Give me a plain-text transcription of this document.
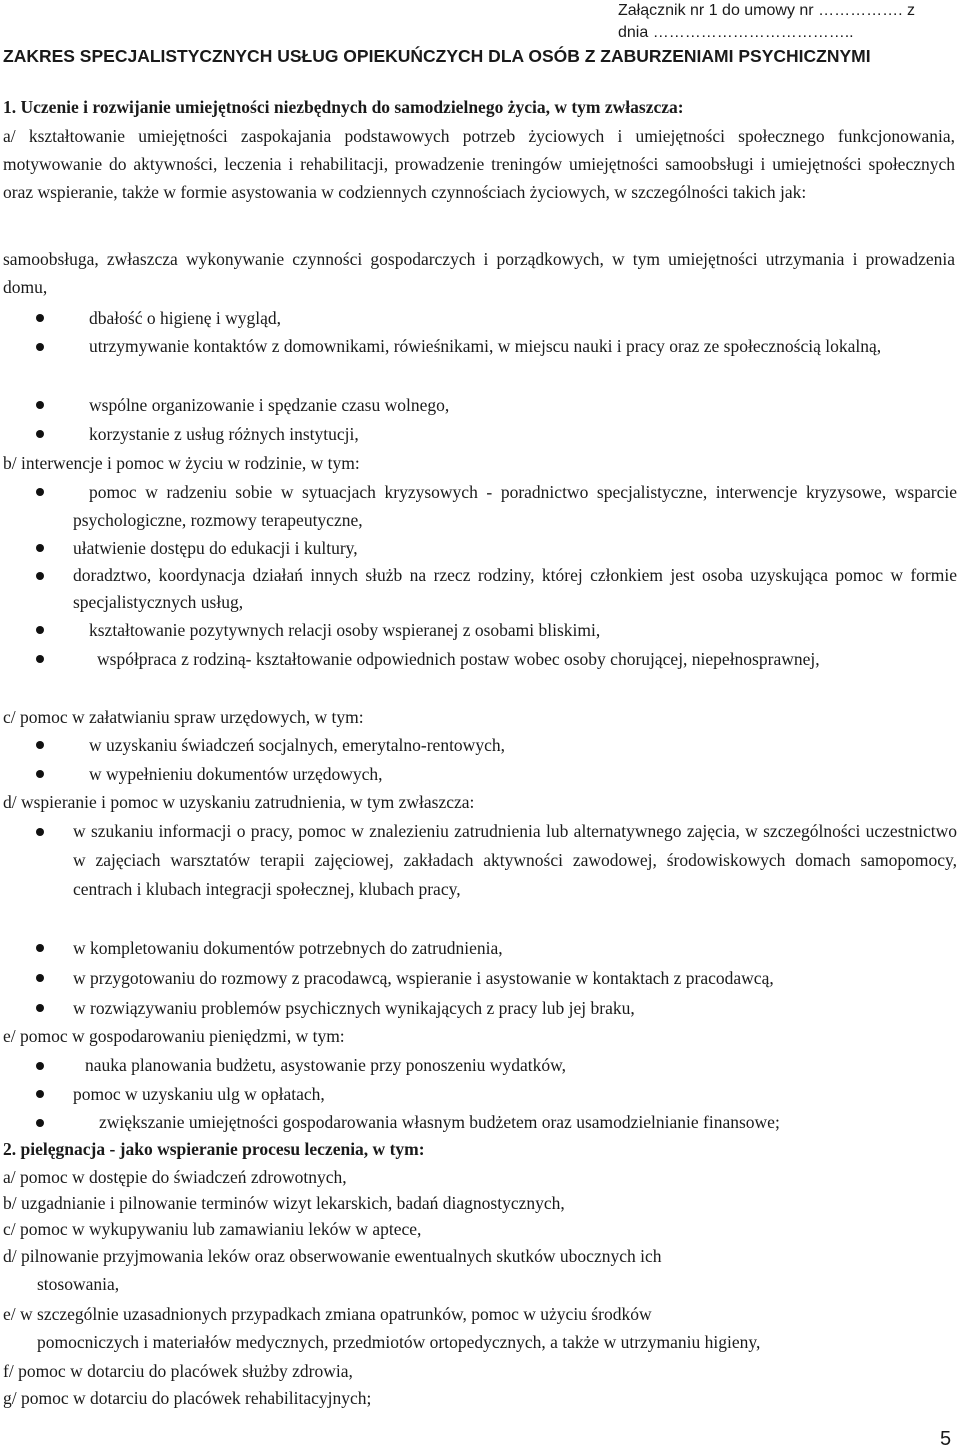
Załącznik nr 1 do umowy nr ……………. z
dnia ………………………………..
ZAKRES SPECJALISTYCZNYCH USŁUG OPIEKUŃCZYCH DLA OSÓB Z ZABURZENIAMI PSYCHICZNYMI
1. Uczenie i rozwijanie umiejętności niezbędnych do samodzielnego życia, w tym zwłaszcza:
a/ kształtowanie umiejętności zaspokajania podstawowych potrzeb życiowych i umiejętności społecznego funkcjonowania, motywowanie do aktywności, leczenia i rehabilitacji, prowadzenie treningów umiejętności samoobsługi i umiejętności społecznych oraz wspieranie, także w formie asystowania w codziennych czynnościach życiowych, w szczególności takich jak:
samoobsługa, zwłaszcza wykonywanie czynności gospodarczych i porządkowych, w tym umiejętności utrzymania i prowadzenia domu,
dbałość o higienę i wygląd,
utrzymywanie kontaktów z domownikami, rówieśnikami, w miejscu nauki i pracy oraz ze społecznością lokalną,
wspólne organizowanie i spędzanie czasu wolnego,
korzystanie z usług różnych instytucji,
b/ interwencje i pomoc w życiu w rodzinie, w tym:
pomoc w radzeniu sobie w sytuacjach kryzysowych - poradnictwo specjalistyczne, interwencje kryzysowe, wsparcie psychologiczne, rozmowy terapeutyczne,
ułatwienie dostępu do edukacji i kultury,
doradztwo, koordynacja działań innych służb na rzecz rodziny, której członkiem jest osoba uzyskująca pomoc w formie specjalistycznych usług,
kształtowanie pozytywnych relacji osoby wspieranej z osobami bliskimi,
współpraca z rodziną- kształtowanie odpowiednich postaw wobec osoby chorującej, niepełnosprawnej,
c/ pomoc w załatwianiu spraw urzędowych, w tym:
w uzyskaniu świadczeń socjalnych, emerytalno-rentowych,
w wypełnieniu dokumentów urzędowych,
d/ wspieranie i pomoc w uzyskaniu zatrudnienia, w tym zwłaszcza:
w szukaniu informacji o pracy, pomoc w znalezieniu zatrudnienia lub alternatywnego zajęcia, w szczególności uczestnictwo w zajęciach warsztatów terapii zajęciowej, zakładach aktywności zawodowej, środowiskowych domach samopomocy, centrach i klubach integracji społecznej, klubach pracy,
w kompletowaniu dokumentów potrzebnych do zatrudnienia,
w przygotowaniu do rozmowy z pracodawcą, wspieranie i asystowanie w kontaktach z pracodawcą,
w rozwiązywaniu problemów psychicznych wynikających z pracy lub jej braku,
e/ pomoc w gospodarowaniu pieniędzmi, w tym:
nauka planowania budżetu, asystowanie przy ponoszeniu wydatków,
pomoc w uzyskaniu ulg w opłatach,
zwiększanie umiejętności gospodarowania własnym budżetem oraz usamodzielnianie finansowe;
2. pielęgnacja - jako wspieranie procesu leczenia, w tym:
a/ pomoc w dostępie do świadczeń zdrowotnych,
b/ uzgadnianie i pilnowanie terminów wizyt lekarskich, badań diagnostycznych,
c/ pomoc w wykupywaniu lub zamawianiu leków w aptece,
d/ pilnowanie przyjmowania leków oraz obserwowanie ewentualnych skutków ubocznych ich
stosowania,
e/ w szczególnie uzasadnionych przypadkach zmiana opatrunków, pomoc w użyciu środków
pomocniczych i materiałów medycznych, przedmiotów ortopedycznych, a także w utrzymaniu higieny,
f/ pomoc w dotarciu do placówek służby zdrowia,
g/ pomoc w dotarciu do placówek rehabilitacyjnych;
5
